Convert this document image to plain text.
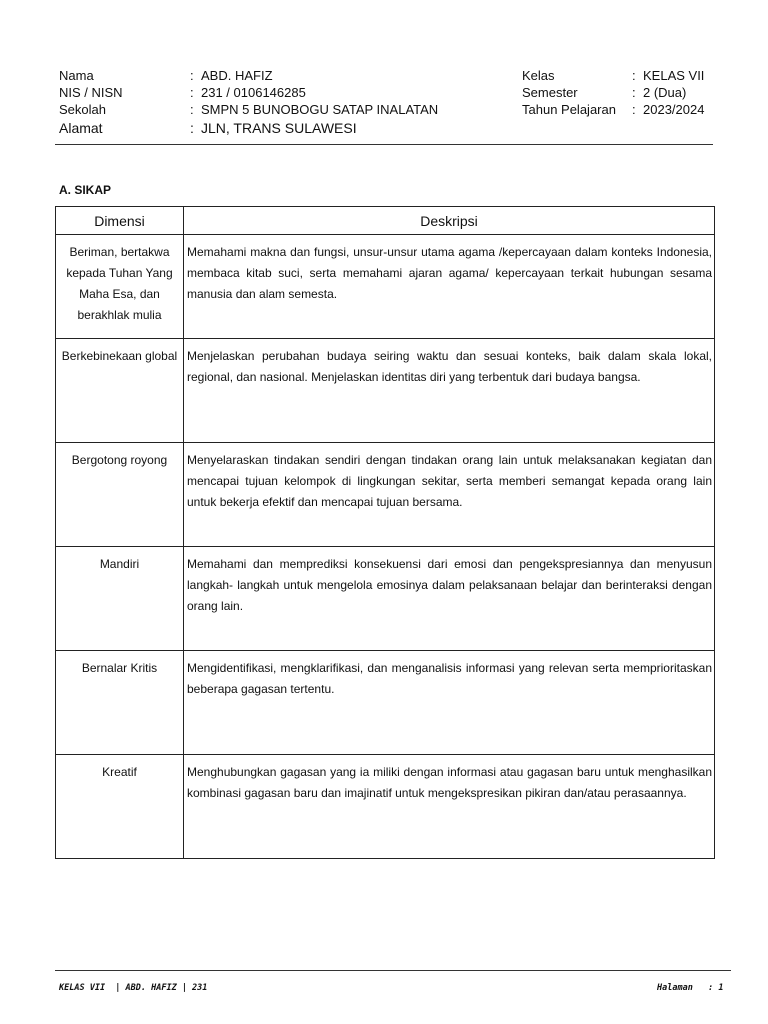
Nama	: ABD. HAFIZ
NIS / NISN	: 231 / 0106146285
Sekolah	: SMPN 5 BUNOBOGU SATAP INALATAN
Alamat	: JLN, TRANS SULAWESI
Kelas	: KELAS VII
Semester	: 2 (Dua)
Tahun Pelajaran : 2023/2024
A. SIKAP
Dimensi	Deskripsi
Beriman, bertakwa kepada Tuhan Yang Maha Esa, dan berakhlak mulia	Memahami makna dan fungsi, unsur-unsur utama agama /kepercayaan dalam konteks Indonesia, membaca kitab suci, serta memahami ajaran agama/ kepercayaan terkait hubungan sesama manusia dan alam semesta.
Berkebinekaan global	Menjelaskan perubahan budaya seiring waktu dan sesuai konteks, baik dalam skala lokal, regional, dan nasional. Menjelaskan identitas diri yang terbentuk dari budaya bangsa.
Bergotong royong	Menyelaraskan tindakan sendiri dengan tindakan orang lain untuk melaksanakan kegiatan dan mencapai tujuan kelompok di lingkungan sekitar, serta memberi semangat kepada orang lain untuk bekerja efektif dan mencapai tujuan bersama.
Mandiri	Memahami dan memprediksi konsekuensi dari emosi dan pengekspresiannya dan menyusun langkah- langkah untuk mengelola emosinya dalam pelaksanaan belajar dan berinteraksi dengan orang lain.
Bernalar Kritis	Mengidentifikasi, mengklarifikasi, dan menganalisis informasi yang relevan serta memprioritaskan beberapa gagasan tertentu.
Kreatif	Menghubungkan gagasan yang ia miliki dengan informasi atau gagasan baru untuk menghasilkan kombinasi gagasan baru dan imajinatif untuk mengekspresikan pikiran dan/atau perasaannya.
KELAS VII  | ABD. HAFIZ | 231	Halaman   : 1
